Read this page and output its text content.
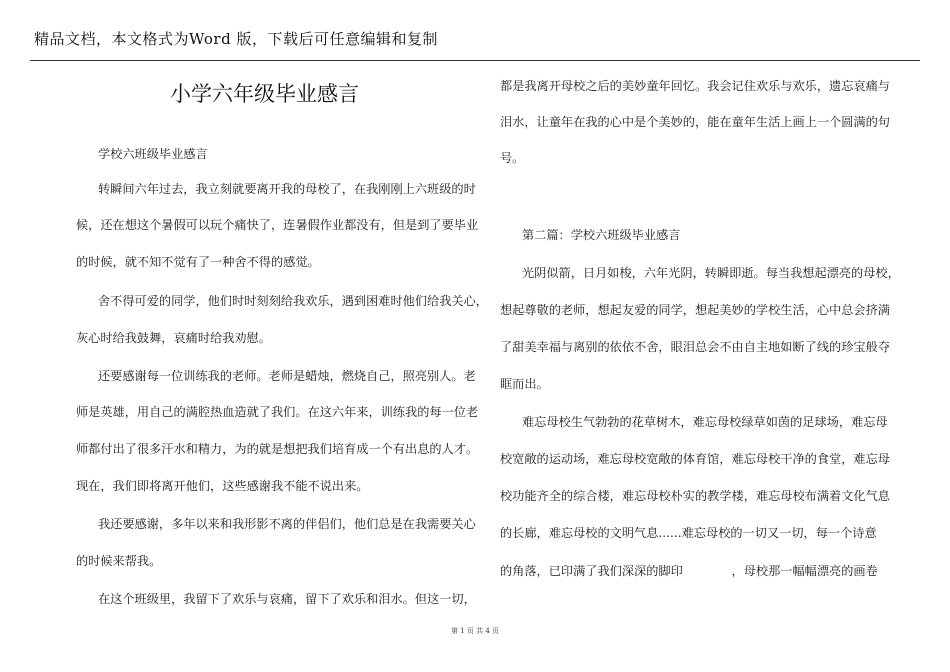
精品文档，本文格式为Word 版，下载后可任意编辑和复制
小学六年级毕业感言
学校六班级毕业感言
转瞬间六年过去，我立刻就要离开我的母校了，在我刚刚上六班级的时
候，还在想这个暑假可以玩个痛快了，连暑假作业都没有，但是到了要毕业
的时候，就不知不觉有了一种舍不得的感觉。
舍不得可爱的同学，他们时时刻刻给我欢乐，遇到困难时他们给我关心，
灰心时给我鼓舞，哀痛时给我劝慰。
还要感谢每一位训练我的老师。老师是蜡烛，燃烧自己，照亮别人。老
师是英雄，用自己的满腔热血造就了我们。在这六年来，训练我的每一位老
师都付出了很多汗水和精力，为的就是想把我们培育成一个有出息的人才。
现在，我们即将离开他们，这些感谢我不能不说出来。
我还要感谢，多年以来和我形影不离的伴侣们，他们总是在我需要关心
的时候来帮我。
在这个班级里，我留下了欢乐与哀痛，留下了欢乐和泪水。但这一切，
都是我离开母校之后的美妙童年回忆。我会记住欢乐与欢乐，遗忘哀痛与
泪水，让童年在我的心中是个美妙的，能在童年生活上画上一个圆满的句
号。
第二篇：学校六班级毕业感言
光阴似箭，日月如梭，六年光阴，转瞬即逝。每当我想起漂亮的母校，
想起尊敬的老师，想起友爱的同学，想起美妙的学校生活，心中总会挤满
了甜美幸福与离别的依依不舍，眼泪总会不由自主地如断了线的珍宝般夺
眶而出。
难忘母校生气勃勃的花草树木，难忘母校绿草如茵的足球场，难忘母
校宽敞的运动场，难忘母校宽敞的体育馆，难忘母校干净的食堂，难忘母
校功能齐全的综合楼，难忘母校朴实的教学楼，难忘母校布满着文化气息
的长廊，难忘母校的文明气息......难忘母校的一切又一切，每一个诗意
的角落，已印满了我们深深的脚印　　　　，母校那一幅幅漂亮的画卷
第 1 页 共 4 页
